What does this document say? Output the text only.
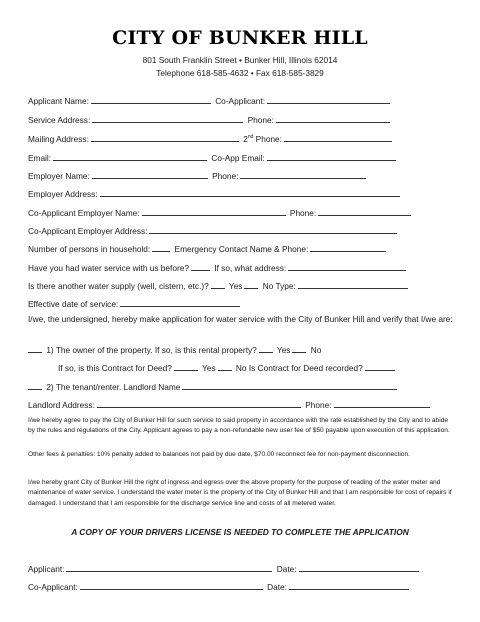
CITY OF BUNKER HILL
801 South Franklin Street • Bunker Hill, Illinois 62014
Telephone 618-585-4632 • Fax 618-585-3829
Applicant Name:	Co-Applicant:
Service Address:	Phone:
Mailing Address:	2nd Phone:
Email:	Co-App Email:
Employer Name:	Phone:
Employer Address:
Co-Applicant Employer Name:	Phone:
Co-Applicant Employer Address:
Number of persons in household:	Emergency Contact Name & Phone:
Have you had water service with us before?	If so, what address:
Is there another water supply (well, cistern, etc.)? Yes No Type:
Effective date of service:
I/we, the undersigned, hereby make application for water service with the City of Bunker Hill and verify that I/we are:
1) The owner of the property. If so, is this rental property? Yes No
If so, is this Contract for Deed?	Yes No Is Contract for Deed recorded?
2) The tenant/renter. Landlord Name
Landlord Address:	Phone:
I/we hereby agree to pay the City of Bunker Hill for such service to said property in accordance with the rate established by the City and to abide by the rules and regulations of the City. Applicant agrees to pay a non-refundable new user fee of $50 payable upon execution of this application.
Other fees & penalties: 10% penalty added to balances not paid by due date, $70.00 reconnect fee for non-payment disconnection.
I/we hereby grant City of Bunker Hill the right of ingress and egress over the above property for the purpose of reading of the water meter and maintenance of water service. I understand the water meter is the property of the City of Bunker Hill and that I am responsible for cost of repairs if damaged. I understand that I am responsible for the discharge service line and costs of all metered water.
A COPY OF YOUR DRIVERS LICENSE IS NEEDED TO COMPLETE THE APPLICATION
Applicant:	Date:
Co-Applicant:	Date:
